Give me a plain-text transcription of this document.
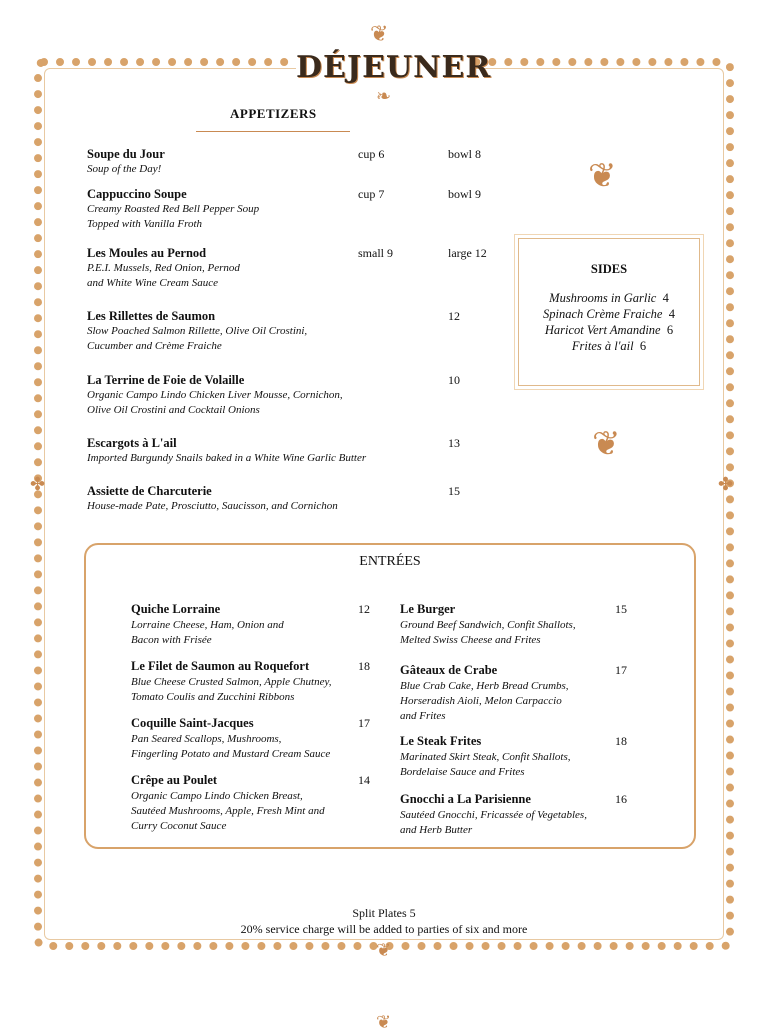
❦
❧
✤	✤
❦
❦
❦
❦
DÉJEUNER
APPETIZERS
Soupe du Jour
Soup of the Day!
cup 6	bowl 8
Cappuccino Soupe
Creamy Roasted Red Bell Pepper Soup
Topped with Vanilla Froth
cup 7	bowl 9
Les Moules au Pernod
P.E.I. Mussels, Red Onion, Pernod
and White Wine Cream Sauce
small 9	large 12
Les Rillettes de Saumon
Slow Poached Salmon Rillette, Olive Oil Crostini,
Cucumber and Crème Fraiche
12
La Terrine de Foie de Volaille
Organic Campo Lindo Chicken Liver Mousse, Cornichon,
Olive Oil Crostini and Cocktail Onions
10
Escargots à L'ail
Imported Burgundy Snails baked in a White Wine Garlic Butter
13
Assiette de Charcuterie
House-made Pate, Prosciutto, Saucisson, and Cornichon
15
SIDES
Mushrooms in Garlic  4
Spinach Crème Fraiche  4
Haricot Vert Amandine  6
Frites à l'ail  6
ENTRÉES
Quiche Lorraine	12
Lorraine Cheese, Ham, Onion and
Bacon with Frisée
Le Filet de Saumon au Roquefort	18
Blue Cheese Crusted Salmon, Apple Chutney,
Tomato Coulis and Zucchini Ribbons
Coquille Saint-Jacques	17
Pan Seared Scallops, Mushrooms,
Fingerling Potato and Mustard Cream Sauce
Crêpe au Poulet	14
Organic Campo Lindo Chicken Breast,
Sautéed Mushrooms, Apple, Fresh Mint and
Curry Coconut Sauce
Le Burger	15
Ground Beef Sandwich, Confit Shallots,
Melted Swiss Cheese and Frites
Gâteaux de Crabe	17
Blue Crab Cake, Herb Bread Crumbs,
Horseradish Aioli, Melon Carpaccio
and Frites
Le Steak Frites	18
Marinated Skirt Steak, Confit Shallots,
Bordelaise Sauce and Frites
Gnocchi a La Parisienne	16
Sautéed Gnocchi, Fricassée of Vegetables,
and Herb Butter
Split Plates 5
20% service charge will be added to parties of six and more
